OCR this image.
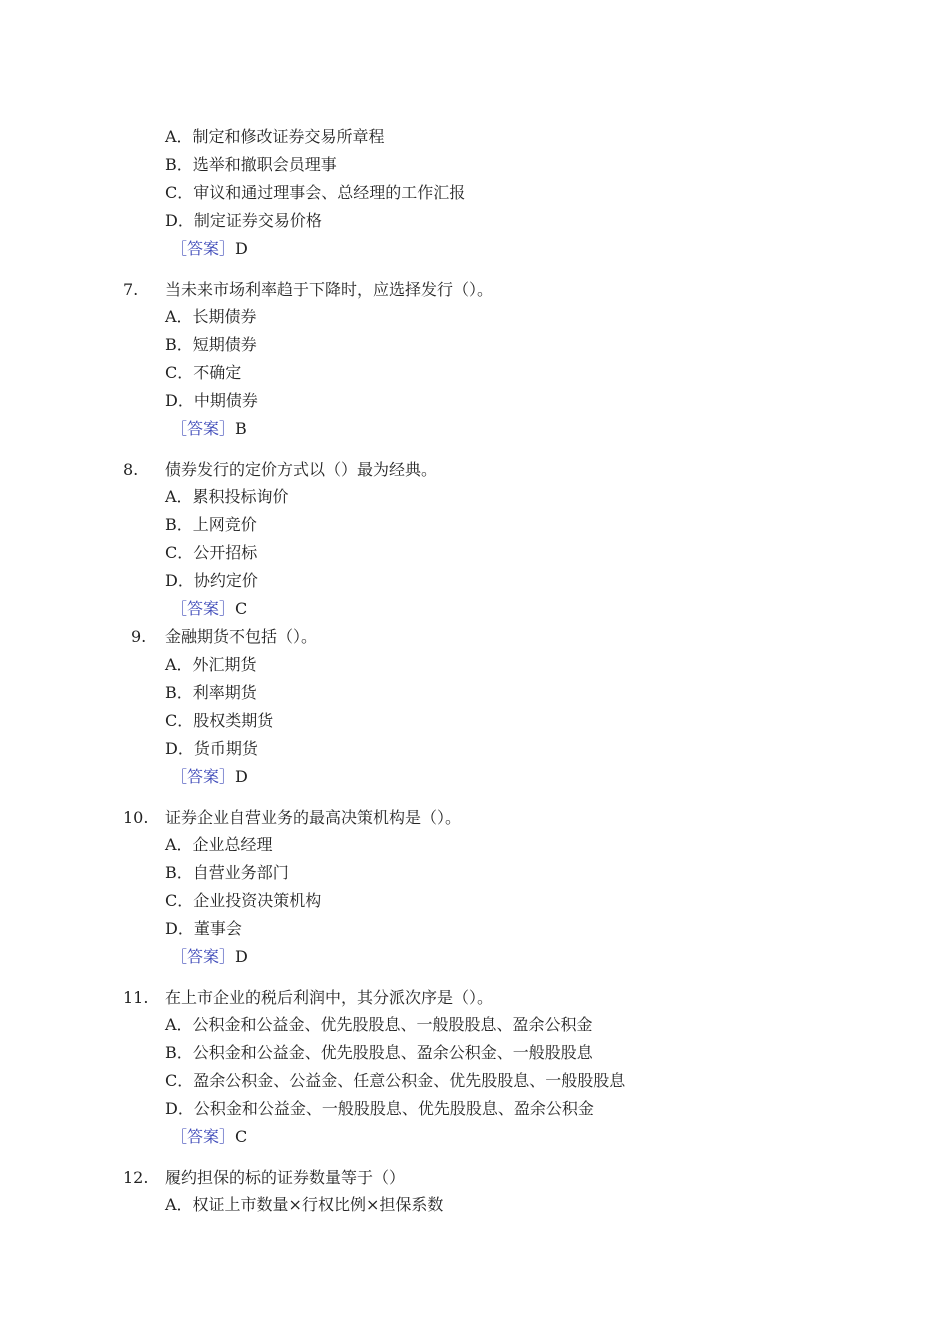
A．制定和修改证券交易所章程
B．选举和撤职会员理事
C．审议和通过理事会、总经理的工作汇报
D．制定证券交易价格
［答案］D
7. 当未来市场利率趋于下降时，应选择发行（）。
A．长期债券
B．短期债券
C．不确定
D．中期债券
［答案］B
8. 债券发行的定价方式以（）最为经典。
A．累积投标询价
B．上网竞价
C．公开招标
D．协约定价
［答案］C
9. 金融期货不包括（）。
A．外汇期货
B．利率期货
C．股权类期货
D．货币期货
［答案］D
10. 证券企业自营业务的最高决策机构是（）。
A．企业总经理
B．自营业务部门
C．企业投资决策机构
D．董事会
［答案］D
11. 在上市企业的税后利润中，其分派次序是（）。
A．公积金和公益金、优先股股息、一般股股息、盈余公积金
B．公积金和公益金、优先股股息、盈余公积金、一般股股息
C．盈余公积金、公益金、任意公积金、优先股股息、一般股股息
D．公积金和公益金、一般股股息、优先股股息、盈余公积金
［答案］C
12. 履约担保的标的证券数量等于（）
A．权证上市数量×行权比例×担保系数
